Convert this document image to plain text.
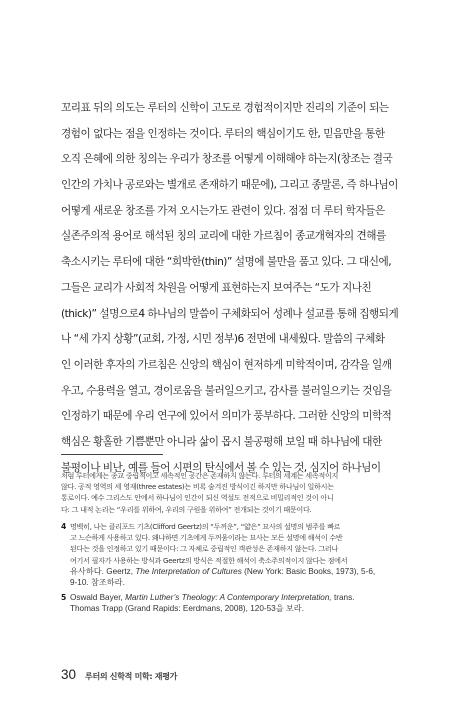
꼬리표 뒤의 의도는 루터의 신학이 고도로 경험적이지만 진리의 기준이 되는
경험이 없다는 점을 인정하는 것이다. 루터의 핵심이기도 한, 믿음만을 통한
오직 은혜에 의한 칭의는 우리가 창조를 어떻게 이해해야 하는지(창조는 결국
인간의 가치나 공로와는 별개로 존재하기 때문에), 그리고 종말론, 즉 하나님이
어떻게 새로운 창조를 가져 오시는가도 관련이 있다. 점점 더 루터 학자들은
실존주의적 용어로 해석된 칭의 교리에 대한 가르침이 종교개혁자의 견해를
축소시키는 루터에 대한 “희박한(thin)” 설명에 불만을 품고 있다. 그 대신에,
그들은 교리가 사회적 차원을 어떻게 표현하는지 보여주는 “도가 지나친
(thick)” 설명으로4 하나님의 말씀이 구체화되어 성례나 설교를 통해 집행되게
나 “세 가지 상황”(교회, 가정, 시민 정부)6 전면에 내세웠다. 말씀의 구체화
인 이러한 후자의 가르침은 신앙의 핵심이 현저하게 미학적이며, 감각을 일깨
우고, 수용력을 열고, 경이로움을 불러일으키고, 감사를 불러일으키는 것임을
인정하기 때문에 우리 연구에 있어서 의미가 풍부하다. 그러한 신앙의 미학적
핵심은 황홀한 기쁨뿐만 아니라 삶이 몹시 불공평해 보일 때 하나님에 대한
불평이나 비난, 예를 들어 시편의 탄식에서 볼 수 있는 것, 심지어 하나님이
처럼 루터에게는 종교 중립적이고 세속적인 공간은 존재하지 않는다. 루터의 세계는 세속적이지
않다. 공적 영역의 세 영재(three estates)는 비록 숨겨진 방식이긴 하지만 하나님이 일하시는
통로이다. 예수 그리스도 안에서 하나님이 인간이 되신 역설도 전적으로 비밀리적인 것이 아니
다: 그 내적 논리는 “우리를 위하여, 우리의 구원을 위하여” 전개되는 것이기 때문이다.
4 명백히, 나는 클리포드 기츠(Clifford Geertz)의 “두꺼운”, “얇은” 묘사의 설명의 범주를 빠르
고 느슨하게 사용하고 있다. 왜냐하면 기츠에게 두꺼움이라는 묘사는 모든 설명에 해석이 수반
된다는 것을 인정하고 있기 때문이다: 그 자체로 중립적인 객관성은 존재하지 않는다. 그러나
여기서 필자가 사용하는 방식과 Geertz의 방식은 적절한 해석이 축소주의적이지 않다는 점에서
유사하다. Geertz, The Interpretation of Cultures (New York: Basic Books, 1973), 5-6,
9-10. 참조하라.
5 Oswald Bayer, Martin Luther’s Theology: A Contemporary Interpretation, trans.
Thomas Trapp (Grand Rapids: Eerdmans, 2008), 120-53을 보라.
30 루터의 신학적 미학: 재평가
